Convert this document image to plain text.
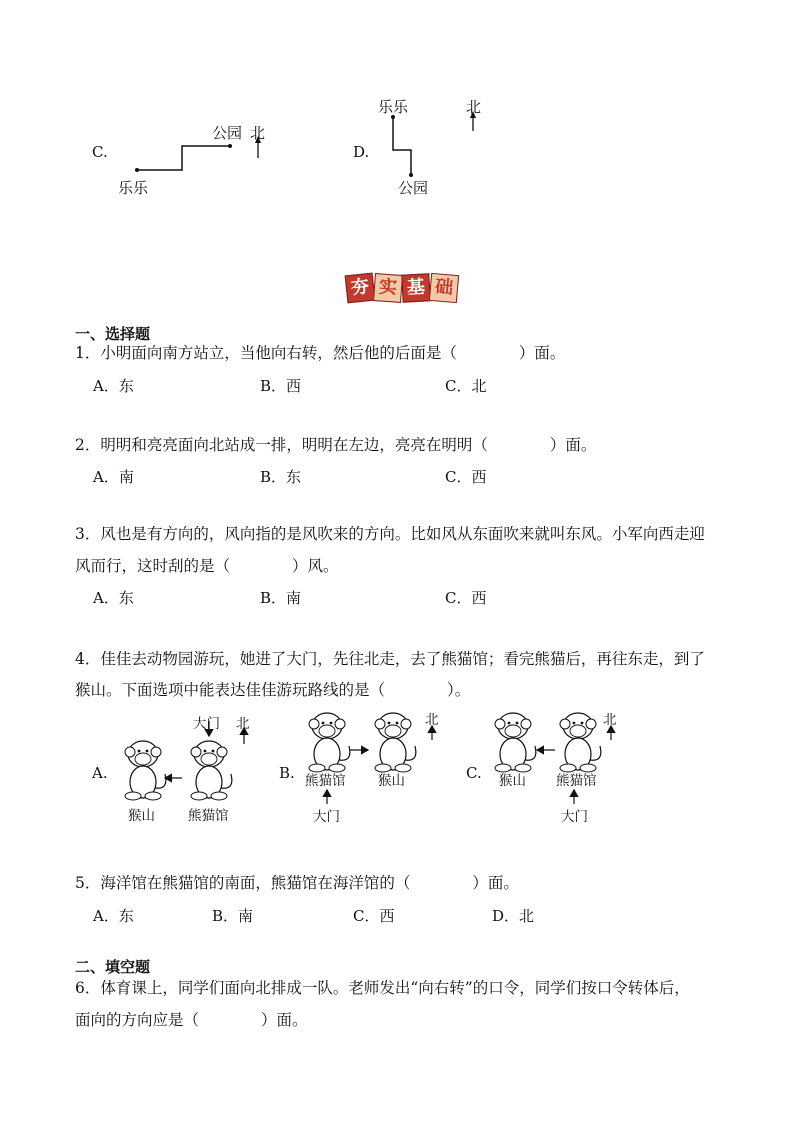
C.
乐乐
公园 北
D.
乐乐
公园
北
夯 实 基 础
一、选择题
1．小明面向南方站立，当他向右转，然后他的后面是（　　　　）面。
A．东	B．西	C．北
2．明明和亮亮面向北站成一排，明明在左边，亮亮在明明（　　　　）面。
A．南	B．东	C．西
3．风也是有方向的，风向指的是风吹来的方向。比如风从东面吹来就叫东风。小军向西走迎
风而行，这时刮的是（　　　　）风。
A．东	B．南	C．西
4．佳佳去动物园游玩，她进了大门，先往北走，去了熊猫馆；看完熊猫后，再往东走，到了
猴山。下面选项中能表达佳佳游玩路线的是（　　　　）。
A.
大门 北
猴山 熊猫馆
B. 熊猫馆 猴山
大门
北
C. 猴山 熊猫馆
大门
北
5．海洋馆在熊猫馆的南面，熊猫馆在海洋馆的（　　　　）面。
A．东	B．南	C．西	D．北
二、填空题
6．体育课上，同学们面向北排成一队。老师发出“向右转”的口令，同学们按口令转体后，
面向的方向应是（　　　　）面。
